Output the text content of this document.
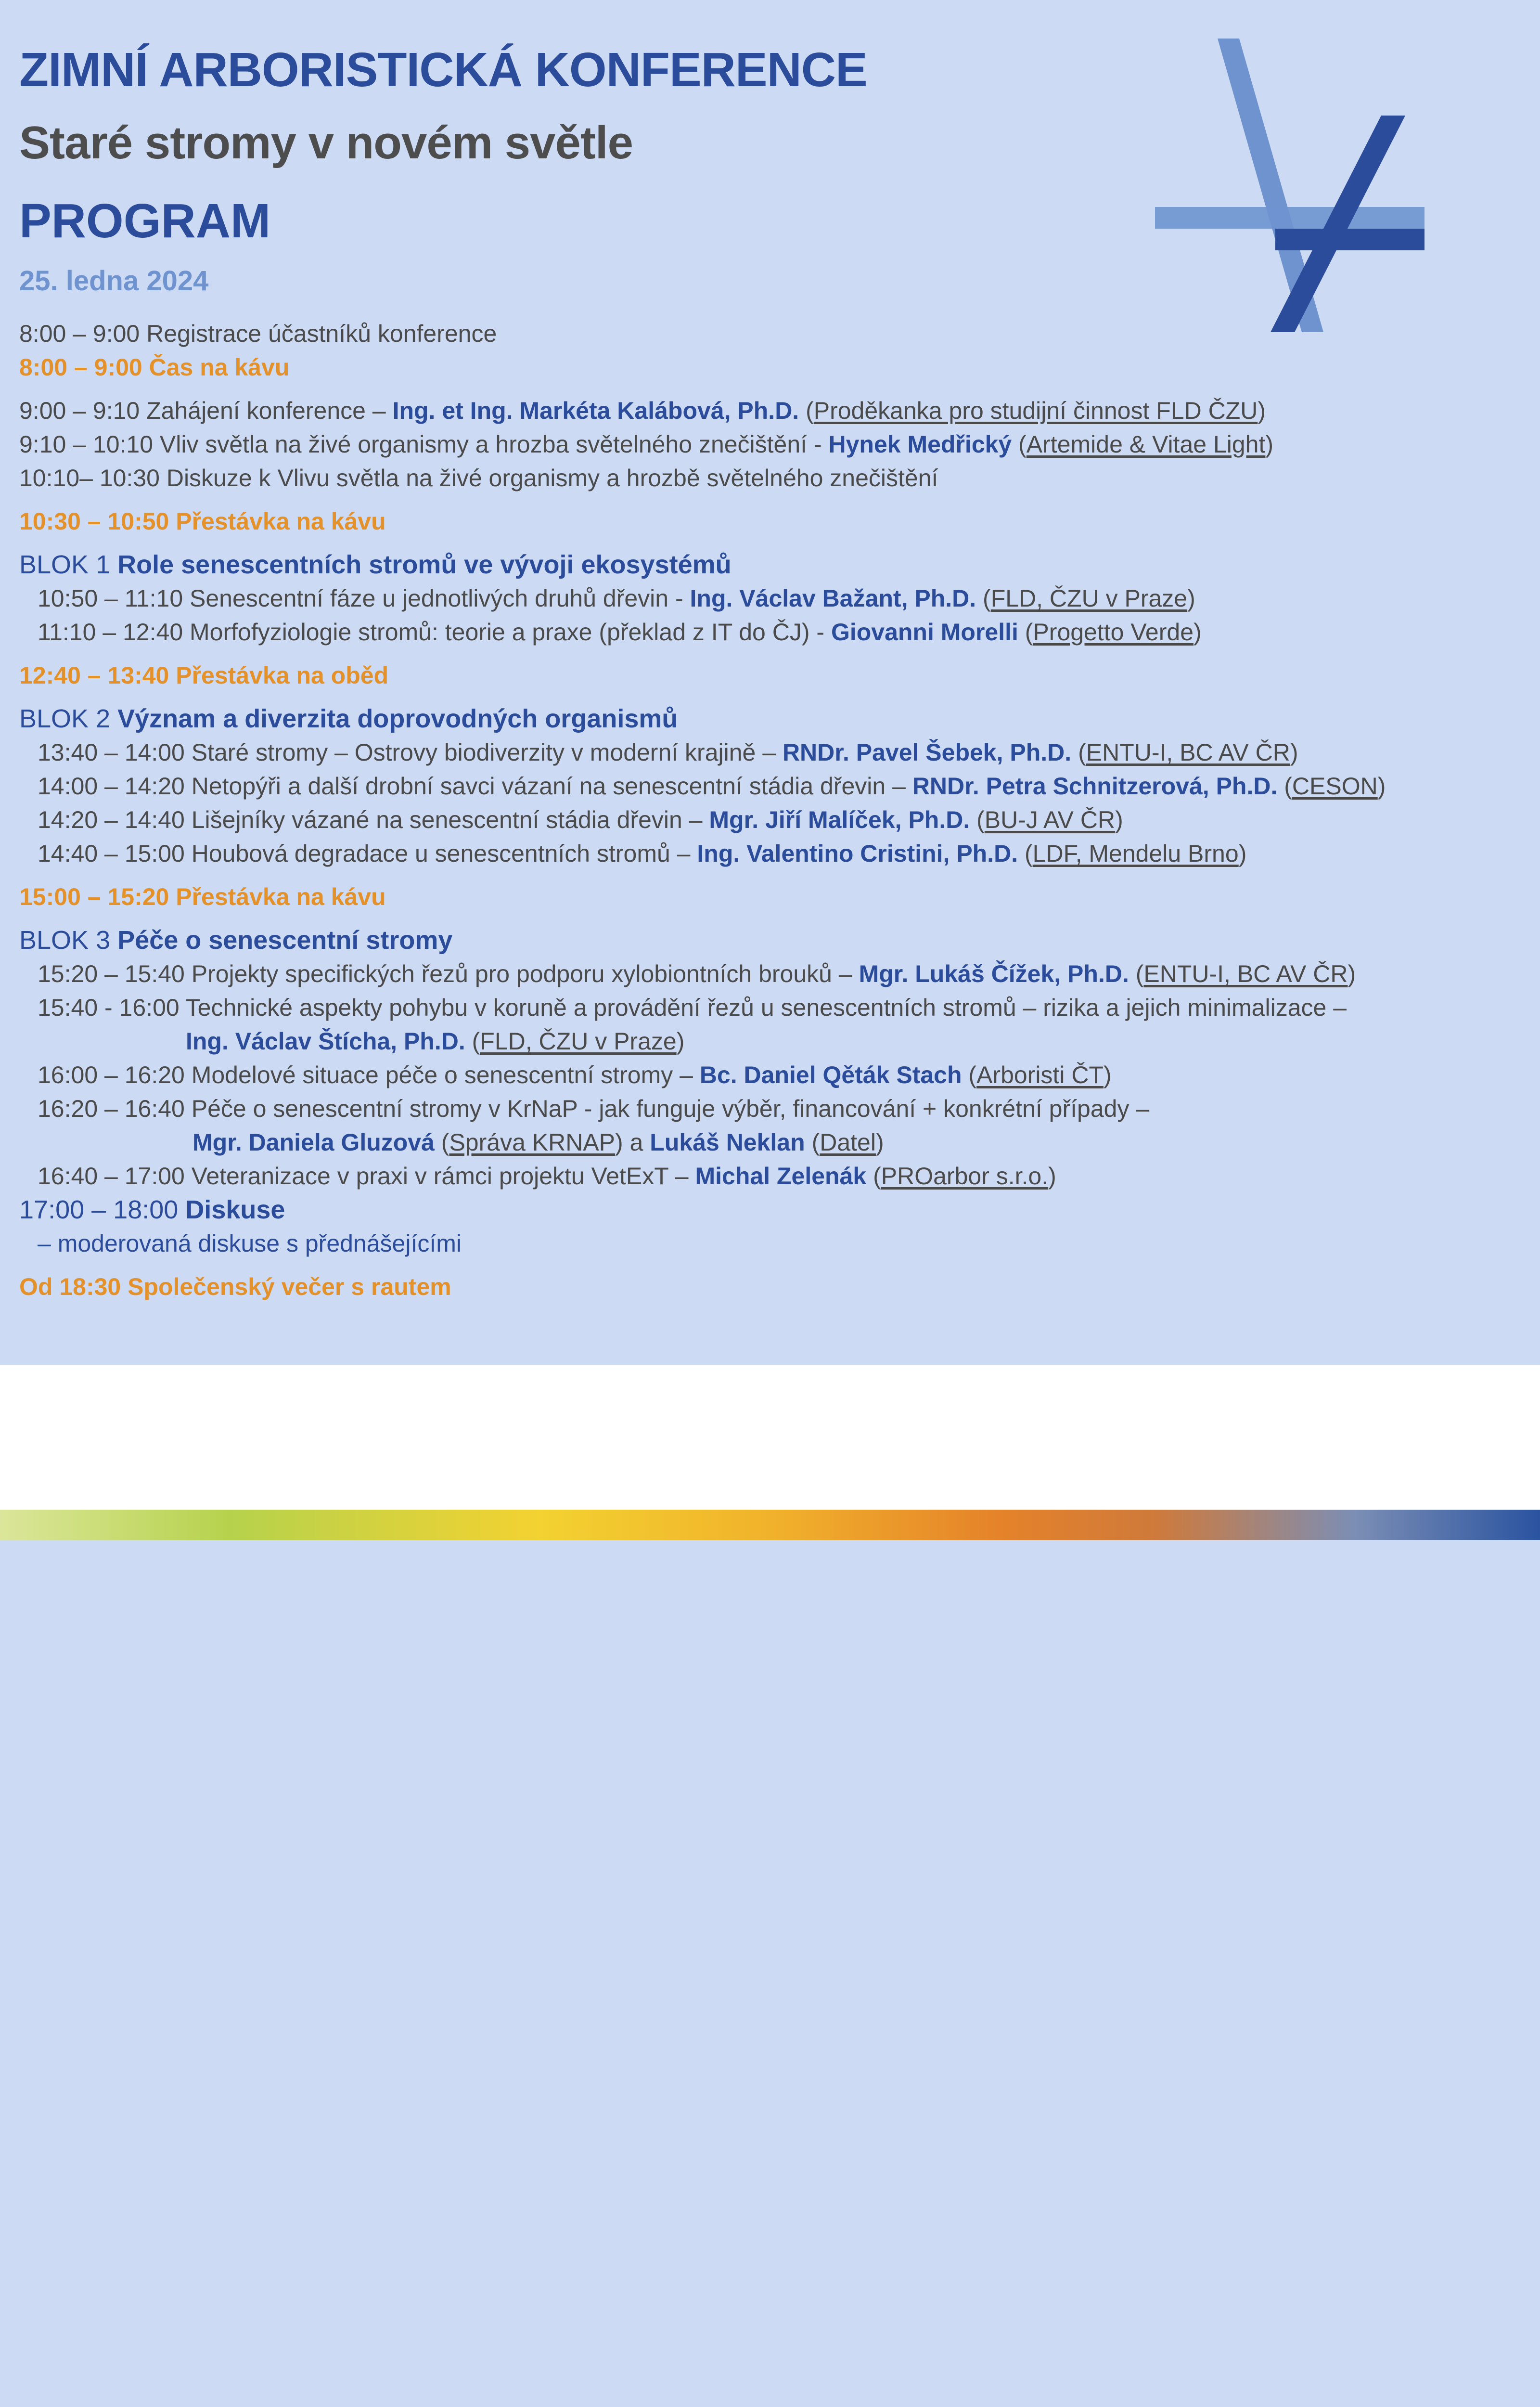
ZIMNÍ ARBORISTICKÁ KONFERENCE
Staré stromy v novém světle
PROGRAM
25. ledna 2024
8:00 – 9:00 Registrace účastníků konference
8:00 – 9:00 Čas na kávu
9:00 – 9:10 Zahájení konference – Ing. et Ing. Markéta Kalábová, Ph.D. (Proděkanka pro studijní činnost FLD ČZU)
9:10 – 10:10 Vliv světla na živé organismy a hrozba světelného znečištění - Hynek Medřický (Artemide & Vitae Light)
10:10– 10:30 Diskuze k Vlivu světla na živé organismy a hrozbě světelného znečištění
10:30 – 10:50 Přestávka na kávu
BLOK 1 Role senescentních stromů ve vývoji ekosystémů
10:50 – 11:10 Senescentní fáze u jednotlivých druhů dřevin - Ing. Václav Bažant, Ph.D. (FLD, ČZU v Praze)
11:10 – 12:40 Morfofyziologie stromů: teorie a praxe (překlad z IT do ČJ) - Giovanni Morelli (Progetto Verde)
12:40 – 13:40 Přestávka na oběd
BLOK 2 Význam a diverzita doprovodných organismů
13:40 – 14:00 Staré stromy – Ostrovy biodiverzity v moderní krajině – RNDr. Pavel Šebek, Ph.D. (ENTU-I, BC AV ČR)
14:00 – 14:20 Netopýři a další drobní savci vázaní na senescentní stádia dřevin – RNDr. Petra Schnitzerová, Ph.D. (CESON)
14:20 – 14:40 Lišejníky vázané na senescentní stádia dřevin – Mgr. Jiří Malíček, Ph.D. (BU-J AV ČR)
14:40 – 15:00 Houbová degradace u senescentních stromů – Ing. Valentino Cristini, Ph.D. (LDF, Mendelu Brno)
15:00 – 15:20 Přestávka na kávu
BLOK 3 Péče o senescentní stromy
15:20 – 15:40 Projekty specifických řezů pro podporu xylobiontních brouků – Mgr. Lukáš Čížek, Ph.D. (ENTU-I, BC AV ČR)
15:40 - 16:00 Technické aspekty pohybu v koruně a provádění řezů u senescentních stromů – rizika a jejich minimalizace –
Ing. Václav Štícha, Ph.D. (FLD, ČZU v Praze)
16:00 – 16:20 Modelové situace péče o senescentní stromy – Bc. Daniel Qěták Stach (Arboristi ČT)
16:20 – 16:40 Péče o senescentní stromy v KrNaP - jak funguje výběr, financování + konkrétní případy –
Mgr. Daniela Gluzová (Správa KRNAP) a Lukáš Neklan (Datel)
16:40 – 17:00 Veteranizace v praxi v rámci projektu VetExT – Michal Zelenák (PROarbor s.r.o.)
17:00 – 18:00 Diskuse
– moderovaná diskuse s přednášejícími
Od 18:30 Společenský večer s rautem
